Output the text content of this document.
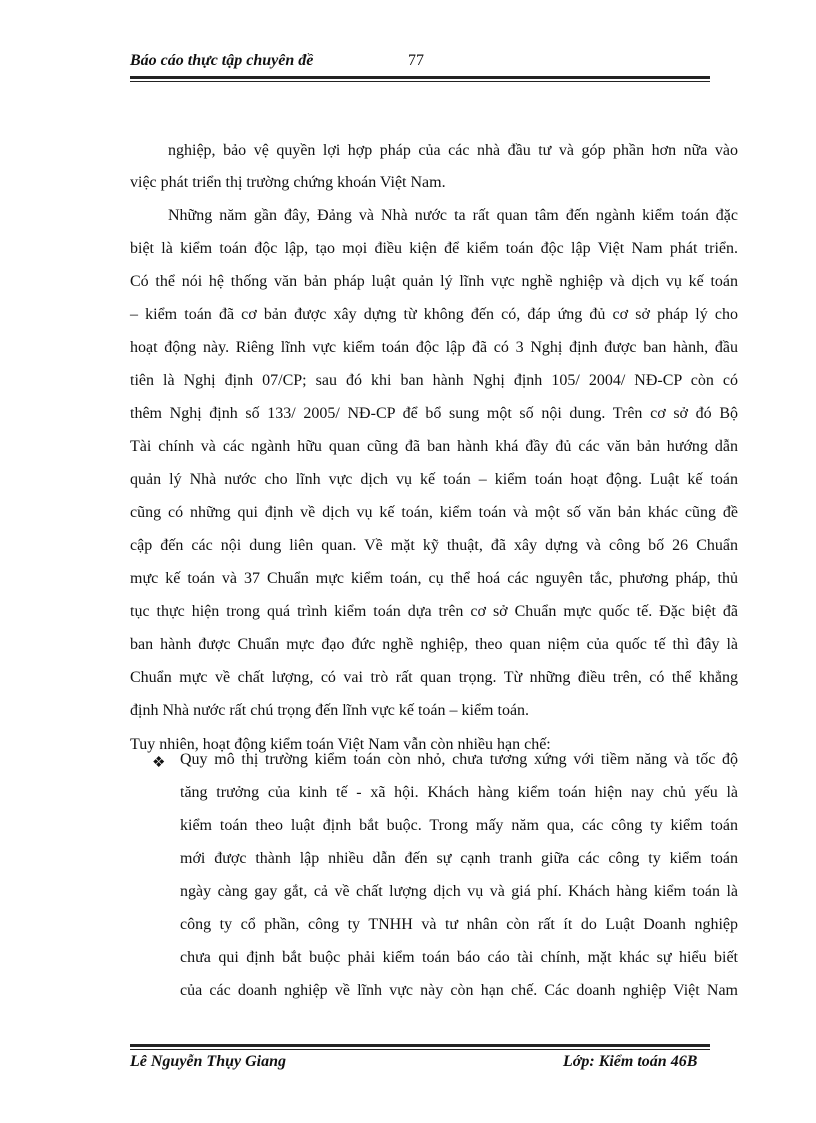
Báo cáo thực tập chuyên đề	77
nghiệp, bảo vệ quyền lợi hợp pháp của các nhà đầu tư và góp phần hơn nữa vào
việc phát triển thị trường chứng khoán Việt Nam.
Những năm gần đây, Đảng và Nhà nước ta rất quan tâm đến ngành kiểm toán đặc
biệt là kiểm toán độc lập, tạo mọi điều kiện để kiểm toán độc lập Việt Nam phát triển.
Có thể nói hệ thống văn bản pháp luật quản lý lĩnh vực nghề nghiệp và dịch vụ kế toán
– kiểm toán đã cơ bản được xây dựng từ không đến có, đáp ứng đủ cơ sở pháp lý cho
hoạt động này. Riêng lĩnh vực kiểm toán độc lập đã có 3 Nghị định được ban hành, đầu
tiên là Nghị định 07/CP; sau đó khi ban hành Nghị định 105/ 2004/ NĐ-CP còn có
thêm Nghị định số 133/ 2005/ NĐ-CP để bổ sung một số nội dung. Trên cơ sở đó Bộ
Tài chính và các ngành hữu quan cũng đã ban hành khá đầy đủ các văn bản hướng dẫn
quản lý Nhà nước cho lĩnh vực dịch vụ kế toán – kiểm toán hoạt động. Luật kế toán
cũng có những qui định về dịch vụ kế toán, kiểm toán và một số văn bản khác cũng đề
cập đến các nội dung liên quan. Về mặt kỹ thuật, đã xây dựng và công bố 26 Chuẩn
mực kế toán và 37 Chuẩn mực kiểm toán, cụ thể hoá các nguyên tắc, phương pháp, thủ
tục thực hiện trong quá trình kiểm toán dựa trên cơ sở Chuẩn mực quốc tế. Đặc biệt đã
ban hành được Chuẩn mực đạo đức nghề nghiệp, theo quan niệm của quốc tế thì đây là
Chuẩn mực về chất lượng, có vai trò rất quan trọng. Từ những điều trên, có thể khẳng
định Nhà nước rất chú trọng đến lĩnh vực kế toán – kiểm toán.
Tuy nhiên, hoạt động kiểm toán Việt Nam vẫn còn nhiều hạn chế:
❖ Quy mô thị trường kiểm toán còn nhỏ, chưa tương xứng với tiềm năng và tốc độ
tăng trưởng của kinh tế - xã hội. Khách hàng kiểm toán hiện nay chủ yếu là
kiểm toán theo luật định bắt buộc. Trong mấy năm qua, các công ty kiểm toán
mới được thành lập nhiều dẫn đến sự cạnh tranh giữa các công ty kiểm toán
ngày càng gay gắt, cả về chất lượng dịch vụ và giá phí. Khách hàng kiểm toán là
công ty cổ phần, công ty TNHH và tư nhân còn rất ít do Luật Doanh nghiệp
chưa qui định bắt buộc phải kiểm toán báo cáo tài chính, mặt khác sự hiểu biết
của các doanh nghiệp về lĩnh vực này còn hạn chế. Các doanh nghiệp Việt Nam
Lê Nguyễn Thụy Giang	Lớp: Kiểm toán 46B
